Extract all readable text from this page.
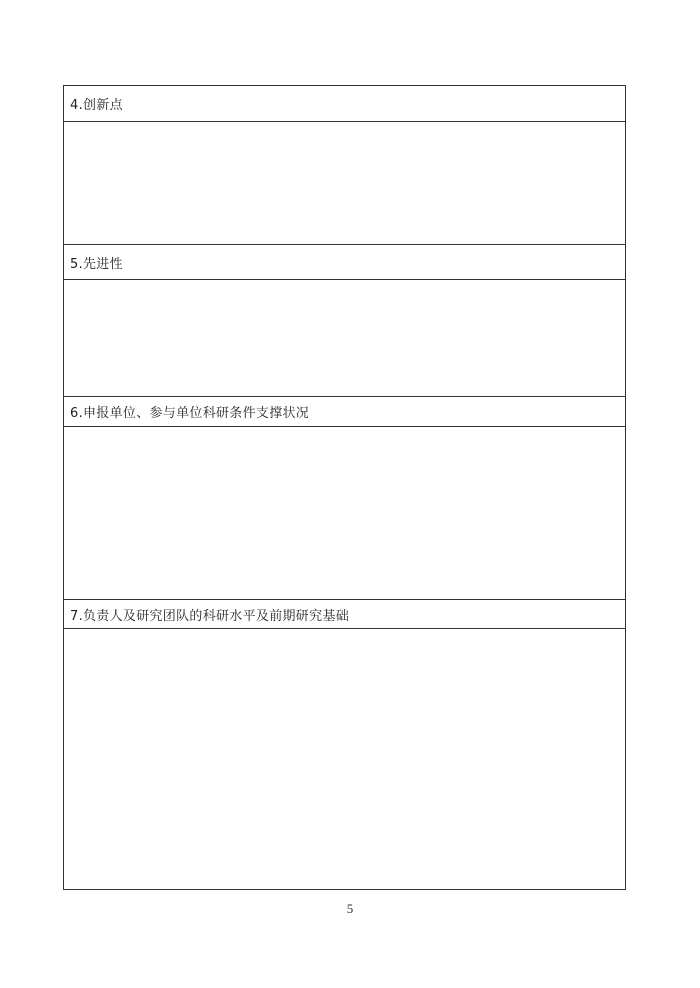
4.创新点
5.先进性
6.申报单位、参与单位科研条件支撑状况
7.负责人及研究团队的科研水平及前期研究基础
5
